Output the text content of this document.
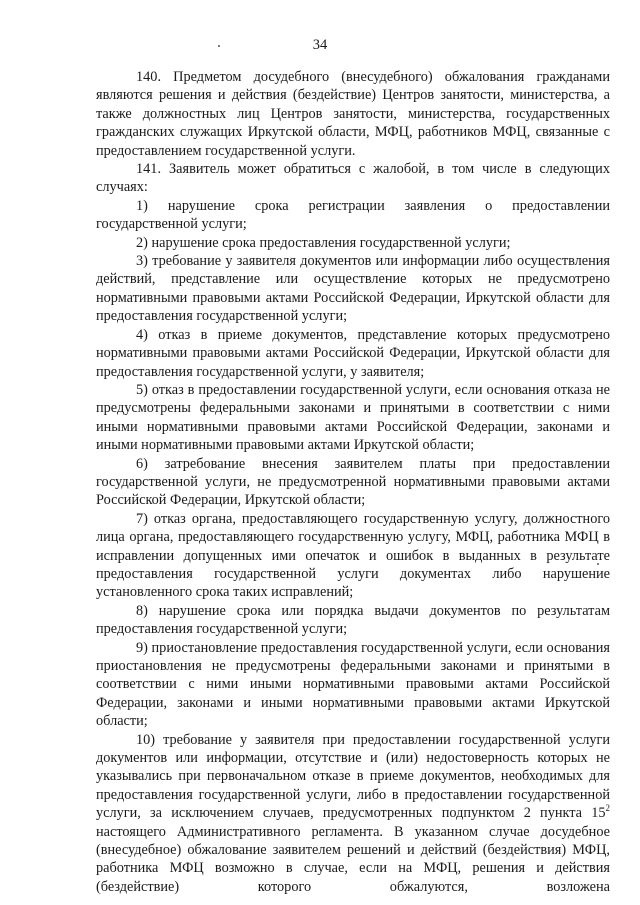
34

140. Предметом досудебного (внесудебного) обжалования гражданами являются решения и действия (бездействие) Центров занятости, министерства, а также должностных лиц Центров занятости, министерства, государственных гражданских служащих Иркутской области, МФЦ, работников МФЦ, связанные с предоставлением государственной услуги.

141. Заявитель может обратиться с жалобой, в том числе в следующих случаях:

1) нарушение срока регистрации заявления о предоставлении государственной услуги;

2) нарушение срока предоставления государственной услуги;

3) требование у заявителя документов или информации либо осуществления действий, представление или осуществление которых не предусмотрено нормативными правовыми актами Российской Федерации, Иркутской области для предоставления государственной услуги;

4) отказ в приеме документов, представление которых предусмотрено нормативными правовыми актами Российской Федерации, Иркутской области для предоставления государственной услуги, у заявителя;

5) отказ в предоставлении государственной услуги, если основания отказа не предусмотрены федеральными законами и принятыми в соответствии с ними иными нормативными правовыми актами Российской Федерации, законами и иными нормативными правовыми актами Иркутской области;

6) затребование внесения заявителем платы при предоставлении государственной услуги, не предусмотренной нормативными правовыми актами Российской Федерации, Иркутской области;

7) отказ органа, предоставляющего государственную услугу, должностного лица органа, предоставляющего государственную услугу, МФЦ, работника МФЦ в исправлении допущенных ими опечаток и ошибок в выданных в результате предоставления государственной услуги документах либо нарушение установленного срока таких исправлений;

8) нарушение срока или порядка выдачи документов по результатам предоставления государственной услуги;

9) приостановление предоставления государственной услуги, если основания приостановления не предусмотрены федеральными законами и принятыми в соответствии с ними иными нормативными правовыми актами Российской Федерации, законами и иными нормативными правовыми актами Иркутской области;

10) требование у заявителя при предоставлении государственной услуги документов или информации, отсутствие и (или) недостоверность которых не указывались при первоначальном отказе в приеме документов, необходимых для предоставления государственной услуги, либо в предоставлении государственной услуги, за исключением случаев, предусмотренных подпунктом 2 пункта $15^2$ настоящего Административного регламента. В указанном случае досудебное (внесудебное) обжалование заявителем решений и действий (бездействия) МФЦ, работника МФЦ возможно в случае, если на МФЦ, решения и действия (бездействие) которого обжалуются, возложена
